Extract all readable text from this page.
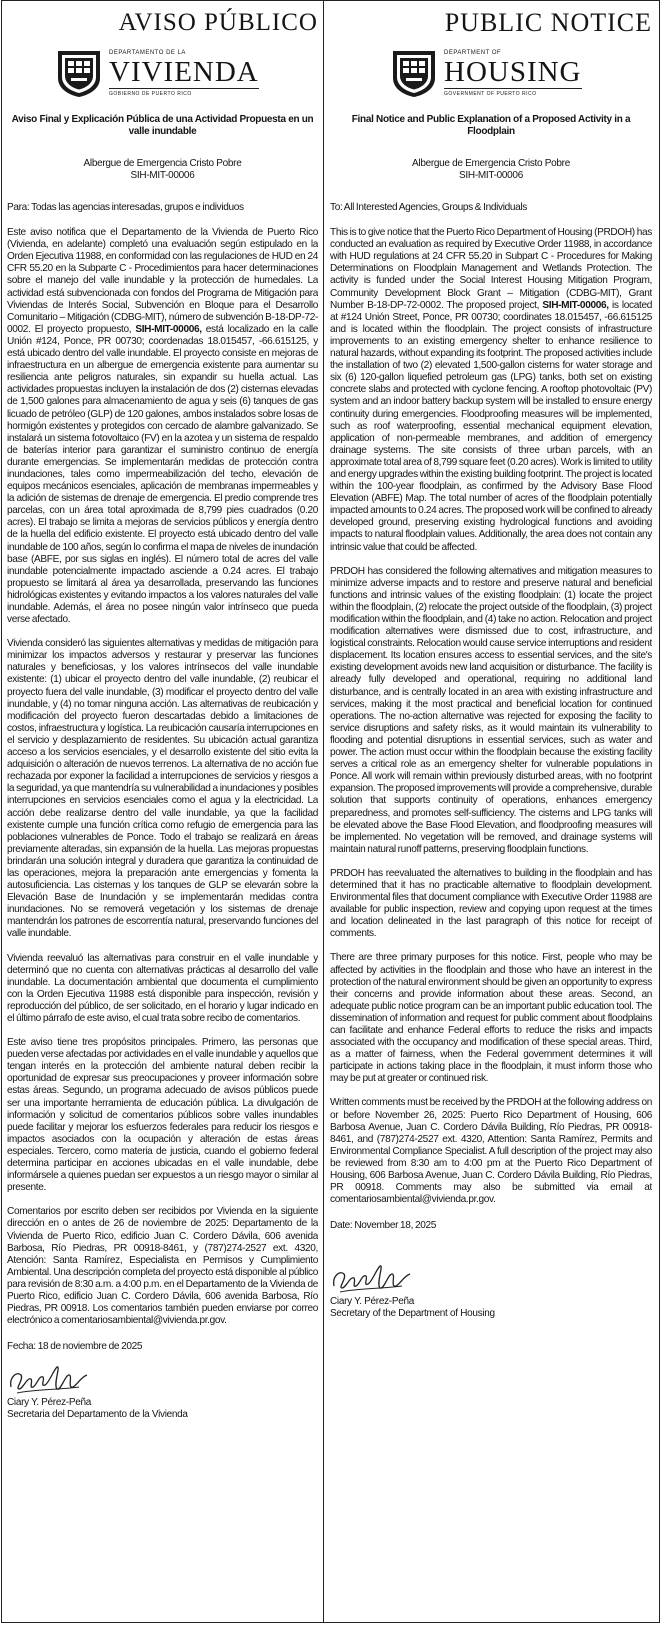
AVISO PÚBLICO
DEPARTAMENTO DE LA
VIVIENDA
GOBIERNO DE PUERTO RICO
Aviso Final y Explicación Pública de una Actividad Propuesta en un valle inundable
Albergue de Emergencia Cristo Pobre
SIH-MIT-00006

Para: Todas las agencias interesadas, grupos e individuos

Este aviso notifica que el Departamento de la Vivienda de Puerto Rico (Vivienda, en adelante) completó una evaluación según estipulado en la Orden Ejecutiva 11988, en conformidad con las regulaciones de HUD en 24 CFR 55.20 en la Subparte C - Procedimientos para hacer determinaciones sobre el manejo del valle inundable y la protección de humedales. La actividad está subvencionada con fondos del Programa de Mitigación para Viviendas de Interés Social, Subvención en Bloque para el Desarrollo Comunitario – Mitigación (CDBG-MIT), número de subvención B-18-DP-72-0002. El proyecto propuesto, SIH-MIT-00006, está localizado en la calle Unión #124, Ponce, PR 00730; coordenadas 18.015457, -66.615125, y está ubicado dentro del valle inundable. El proyecto consiste en mejoras de infraestructura en un albergue de emergencia existente para aumentar su resiliencia ante peligros naturales, sin expandir su huella actual. Las actividades propuestas incluyen la instalación de dos (2) cisternas elevadas de 1,500 galones para almacenamiento de agua y seis (6) tanques de gas licuado de petróleo (GLP) de 120 galones, ambos instalados sobre losas de hormigón existentes y protegidos con cercado de alambre galvanizado. Se instalará un sistema fotovoltaico (FV) en la azotea y un sistema de respaldo de baterías interior para garantizar el suministro continuo de energía durante emergencias. Se implementarán medidas de protección contra inundaciones, tales como impermeabilización del techo, elevación de equipos mecánicos esenciales, aplicación de membranas impermeables y la adición de sistemas de drenaje de emergencia. El predio comprende tres parcelas, con un área total aproximada de 8,799 pies cuadrados (0.20 acres). El trabajo se limita a mejoras de servicios públicos y energía dentro de la huella del edificio existente. El proyecto está ubicado dentro del valle inundable de 100 años, según lo confirma el mapa de niveles de inundación base (ABFE, por sus siglas en inglés). El número total de acres del valle inundable potencialmente impactado asciende a 0.24 acres. El trabajo propuesto se limitará al área ya desarrollada, preservando las funciones hidrológicas existentes y evitando impactos a los valores naturales del valle inundable. Además, el área no posee ningún valor intrínseco que pueda verse afectado.

Vivienda consideró las siguientes alternativas y medidas de mitigación para minimizar los impactos adversos y restaurar y preservar las funciones naturales y beneficiosas, y los valores intrínsecos del valle inundable existente: (1) ubicar el proyecto dentro del valle inundable, (2) reubicar el proyecto fuera del valle inundable, (3) modificar el proyecto dentro del valle inundable, y (4) no tomar ninguna acción. Las alternativas de reubicación y modificación del proyecto fueron descartadas debido a limitaciones de costos, infraestructura y logística. La reubicación causaría interrupciones en el servicio y desplazamiento de residentes. Su ubicación actual garantiza acceso a los servicios esenciales, y el desarrollo existente del sitio evita la adquisición o alteración de nuevos terrenos. La alternativa de no acción fue rechazada por exponer la facilidad a interrupciones de servicios y riesgos a la seguridad, ya que mantendría su vulnerabilidad a inundaciones y posibles interrupciones en servicios esenciales como el agua y la electricidad. La acción debe realizarse dentro del valle inundable, ya que la facilidad existente cumple una función crítica como refugio de emergencia para las poblaciones vulnerables de Ponce. Todo el trabajo se realizará en áreas previamente alteradas, sin expansión de la huella. Las mejoras propuestas brindarán una solución integral y duradera que garantiza la continuidad de las operaciones, mejora la preparación ante emergencias y fomenta la autosuficiencia. Las cisternas y los tanques de GLP se elevarán sobre la Elevación Base de Inundación y se implementarán medidas contra inundaciones. No se removerá vegetación y los sistemas de drenaje mantendrán los patrones de escorrentía natural, preservando funciones del valle inundable.

Vivienda reevaluó las alternativas para construir en el valle inundable y determinó que no cuenta con alternativas prácticas al desarrollo del valle inundable. La documentación ambiental que documenta el cumplimiento con la Orden Ejecutiva 11988 está disponible para inspección, revisión y reproducción del público, de ser solicitado, en el horario y lugar indicado en el último párrafo de este aviso, el cual trata sobre recibo de comentarios.

Este aviso tiene tres propósitos principales. Primero, las personas que pueden verse afectadas por actividades en el valle inundable y aquellos que tengan interés en la protección del ambiente natural deben recibir la oportunidad de expresar sus preocupaciones y proveer información sobre estas áreas. Segundo, un programa adecuado de avisos públicos puede ser una importante herramienta de educación pública. La divulgación de información y solicitud de comentarios públicos sobre valles inundables puede facilitar y mejorar los esfuerzos federales para reducir los riesgos e impactos asociados con la ocupación y alteración de estas áreas especiales. Tercero, como materia de justicia, cuando el gobierno federal determina participar en acciones ubicadas en el valle inundable, debe informársele a quienes puedan ser expuestos a un riesgo mayor o similar al presente.

Comentarios por escrito deben ser recibidos por Vivienda en la siguiente dirección en o antes de 26 de noviembre de 2025: Departamento de la Vivienda de Puerto Rico, edificio Juan C. Cordero Dávila, 606 avenida Barbosa, Río Piedras, PR 00918-8461, y (787)274-2527 ext. 4320, Atención: Santa Ramírez, Especialista en Permisos y Cumplimiento Ambiental. Una descripción completa del proyecto está disponible al público para revisión de 8:30 a.m. a 4:00 p.m. en el Departamento de la Vivienda de Puerto Rico, edificio Juan C. Cordero Dávila, 606 avenida Barbosa, Río Piedras, PR 00918. Los comentarios también pueden enviarse por correo electrónico a comentariosambiental@vivienda.pr.gov.

Fecha: 18 de noviembre de 2025

Ciary Y. Pérez-Peña
Secretaria del Departamento de la Vivienda
PUBLIC NOTICE
DEPARTMENT OF
HOUSING
GOVERNMENT OF PUERTO RICO
Final Notice and Public Explanation of a Proposed Activity in a Floodplain
Albergue de Emergencia Cristo Pobre
SIH-MIT-00006

To: All Interested Agencies, Groups & Individuals

This is to give notice that the Puerto Rico Department of Housing (PRDOH) has conducted an evaluation as required by Executive Order 11988, in accordance with HUD regulations at 24 CFR 55.20 in Subpart C - Procedures for Making Determinations on Floodplain Management and Wetlands Protection. The activity is funded under the Social Interest Housing Mitigation Program, Community Development Block Grant – Mitigation (CDBG-MIT), Grant Number B-18-DP-72-0002. The proposed project, SIH-MIT-00006, is located at #124 Unión Street, Ponce, PR 00730; coordinates 18.015457, -66.615125 and is located within the floodplain. The project consists of infrastructure improvements to an existing emergency shelter to enhance resilience to natural hazards, without expanding its footprint. The proposed activities include the installation of two (2) elevated 1,500-gallon cisterns for water storage and six (6) 120-gallon liquefied petroleum gas (LPG) tanks, both set on existing concrete slabs and protected with cyclone fencing. A rooftop photovoltaic (PV) system and an indoor battery backup system will be installed to ensure energy continuity during emergencies. Floodproofing measures will be implemented, such as roof waterproofing, essential mechanical equipment elevation, application of non-permeable membranes, and addition of emergency drainage systems. The site consists of three urban parcels, with an approximate total area of 8,799 square feet (0.20 acres). Work is limited to utility and energy upgrades within the existing building footprint. The project is located within the 100-year floodplain, as confirmed by the Advisory Base Flood Elevation (ABFE) Map. The total number of acres of the floodplain potentially impacted amounts to 0.24 acres. The proposed work will be confined to already developed ground, preserving existing hydrological functions and avoiding impacts to natural floodplain values. Additionally, the area does not contain any intrinsic value that could be affected.

PRDOH has considered the following alternatives and mitigation measures to minimize adverse impacts and to restore and preserve natural and beneficial functions and intrinsic values of the existing floodplain: (1) locate the project within the floodplain, (2) relocate the project outside of the floodplain, (3) project modification within the floodplain, and (4) take no action. Relocation and project modification alternatives were dismissed due to cost, infrastructure, and logistical constraints. Relocation would cause service interruptions and resident displacement. Its location ensures access to essential services, and the site's existing development avoids new land acquisition or disturbance. The facility is already fully developed and operational, requiring no additional land disturbance, and is centrally located in an area with existing infrastructure and services, making it the most practical and beneficial location for continued operations. The no-action alternative was rejected for exposing the facility to service disruptions and safety risks, as it would maintain its vulnerability to flooding and potential disruptions in essential services, such as water and power. The action must occur within the floodplain because the existing facility serves a critical role as an emergency shelter for vulnerable populations in Ponce. All work will remain within previously disturbed areas, with no footprint expansion. The proposed improvements will provide a comprehensive, durable solution that supports continuity of operations, enhances emergency preparedness, and promotes self-sufficiency. The cisterns and LPG tanks will be elevated above the Base Flood Elevation, and floodproofing measures will be implemented. No vegetation will be removed, and drainage systems will maintain natural runoff patterns, preserving floodplain functions.

PRDOH has reevaluated the alternatives to building in the floodplain and has determined that it has no practicable alternative to floodplain development. Environmental files that document compliance with Executive Order 11988 are available for public inspection, review and copying upon request at the times and location delineated in the last paragraph of this notice for receipt of comments.

There are three primary purposes for this notice. First, people who may be affected by activities in the floodplain and those who have an interest in the protection of the natural environment should be given an opportunity to express their concerns and provide information about these areas. Second, an adequate public notice program can be an important public education tool. The dissemination of information and request for public comment about floodplains can facilitate and enhance Federal efforts to reduce the risks and impacts associated with the occupancy and modification of these special areas. Third, as a matter of fairness, when the Federal government determines it will participate in actions taking place in the floodplain, it must inform those who may be put at greater or continued risk.

Written comments must be received by the PRDOH at the following address on or before November 26, 2025: Puerto Rico Department of Housing, 606 Barbosa Avenue, Juan C. Cordero Dávila Building, Río Piedras, PR 00918-8461, and (787)274-2527 ext. 4320, Attention: Santa Ramírez, Permits and Environmental Compliance Specialist. A full description of the project may also be reviewed from 8:30 am to 4:00 pm at the Puerto Rico Department of Housing, 606 Barbosa Avenue, Juan C. Cordero Dávila Building, Río Piedras, PR 00918. Comments may also be submitted via email at comentariosambiental@vivienda.pr.gov.

Date: November 18, 2025

Ciary Y. Pérez-Peña
Secretary of the Department of Housing
